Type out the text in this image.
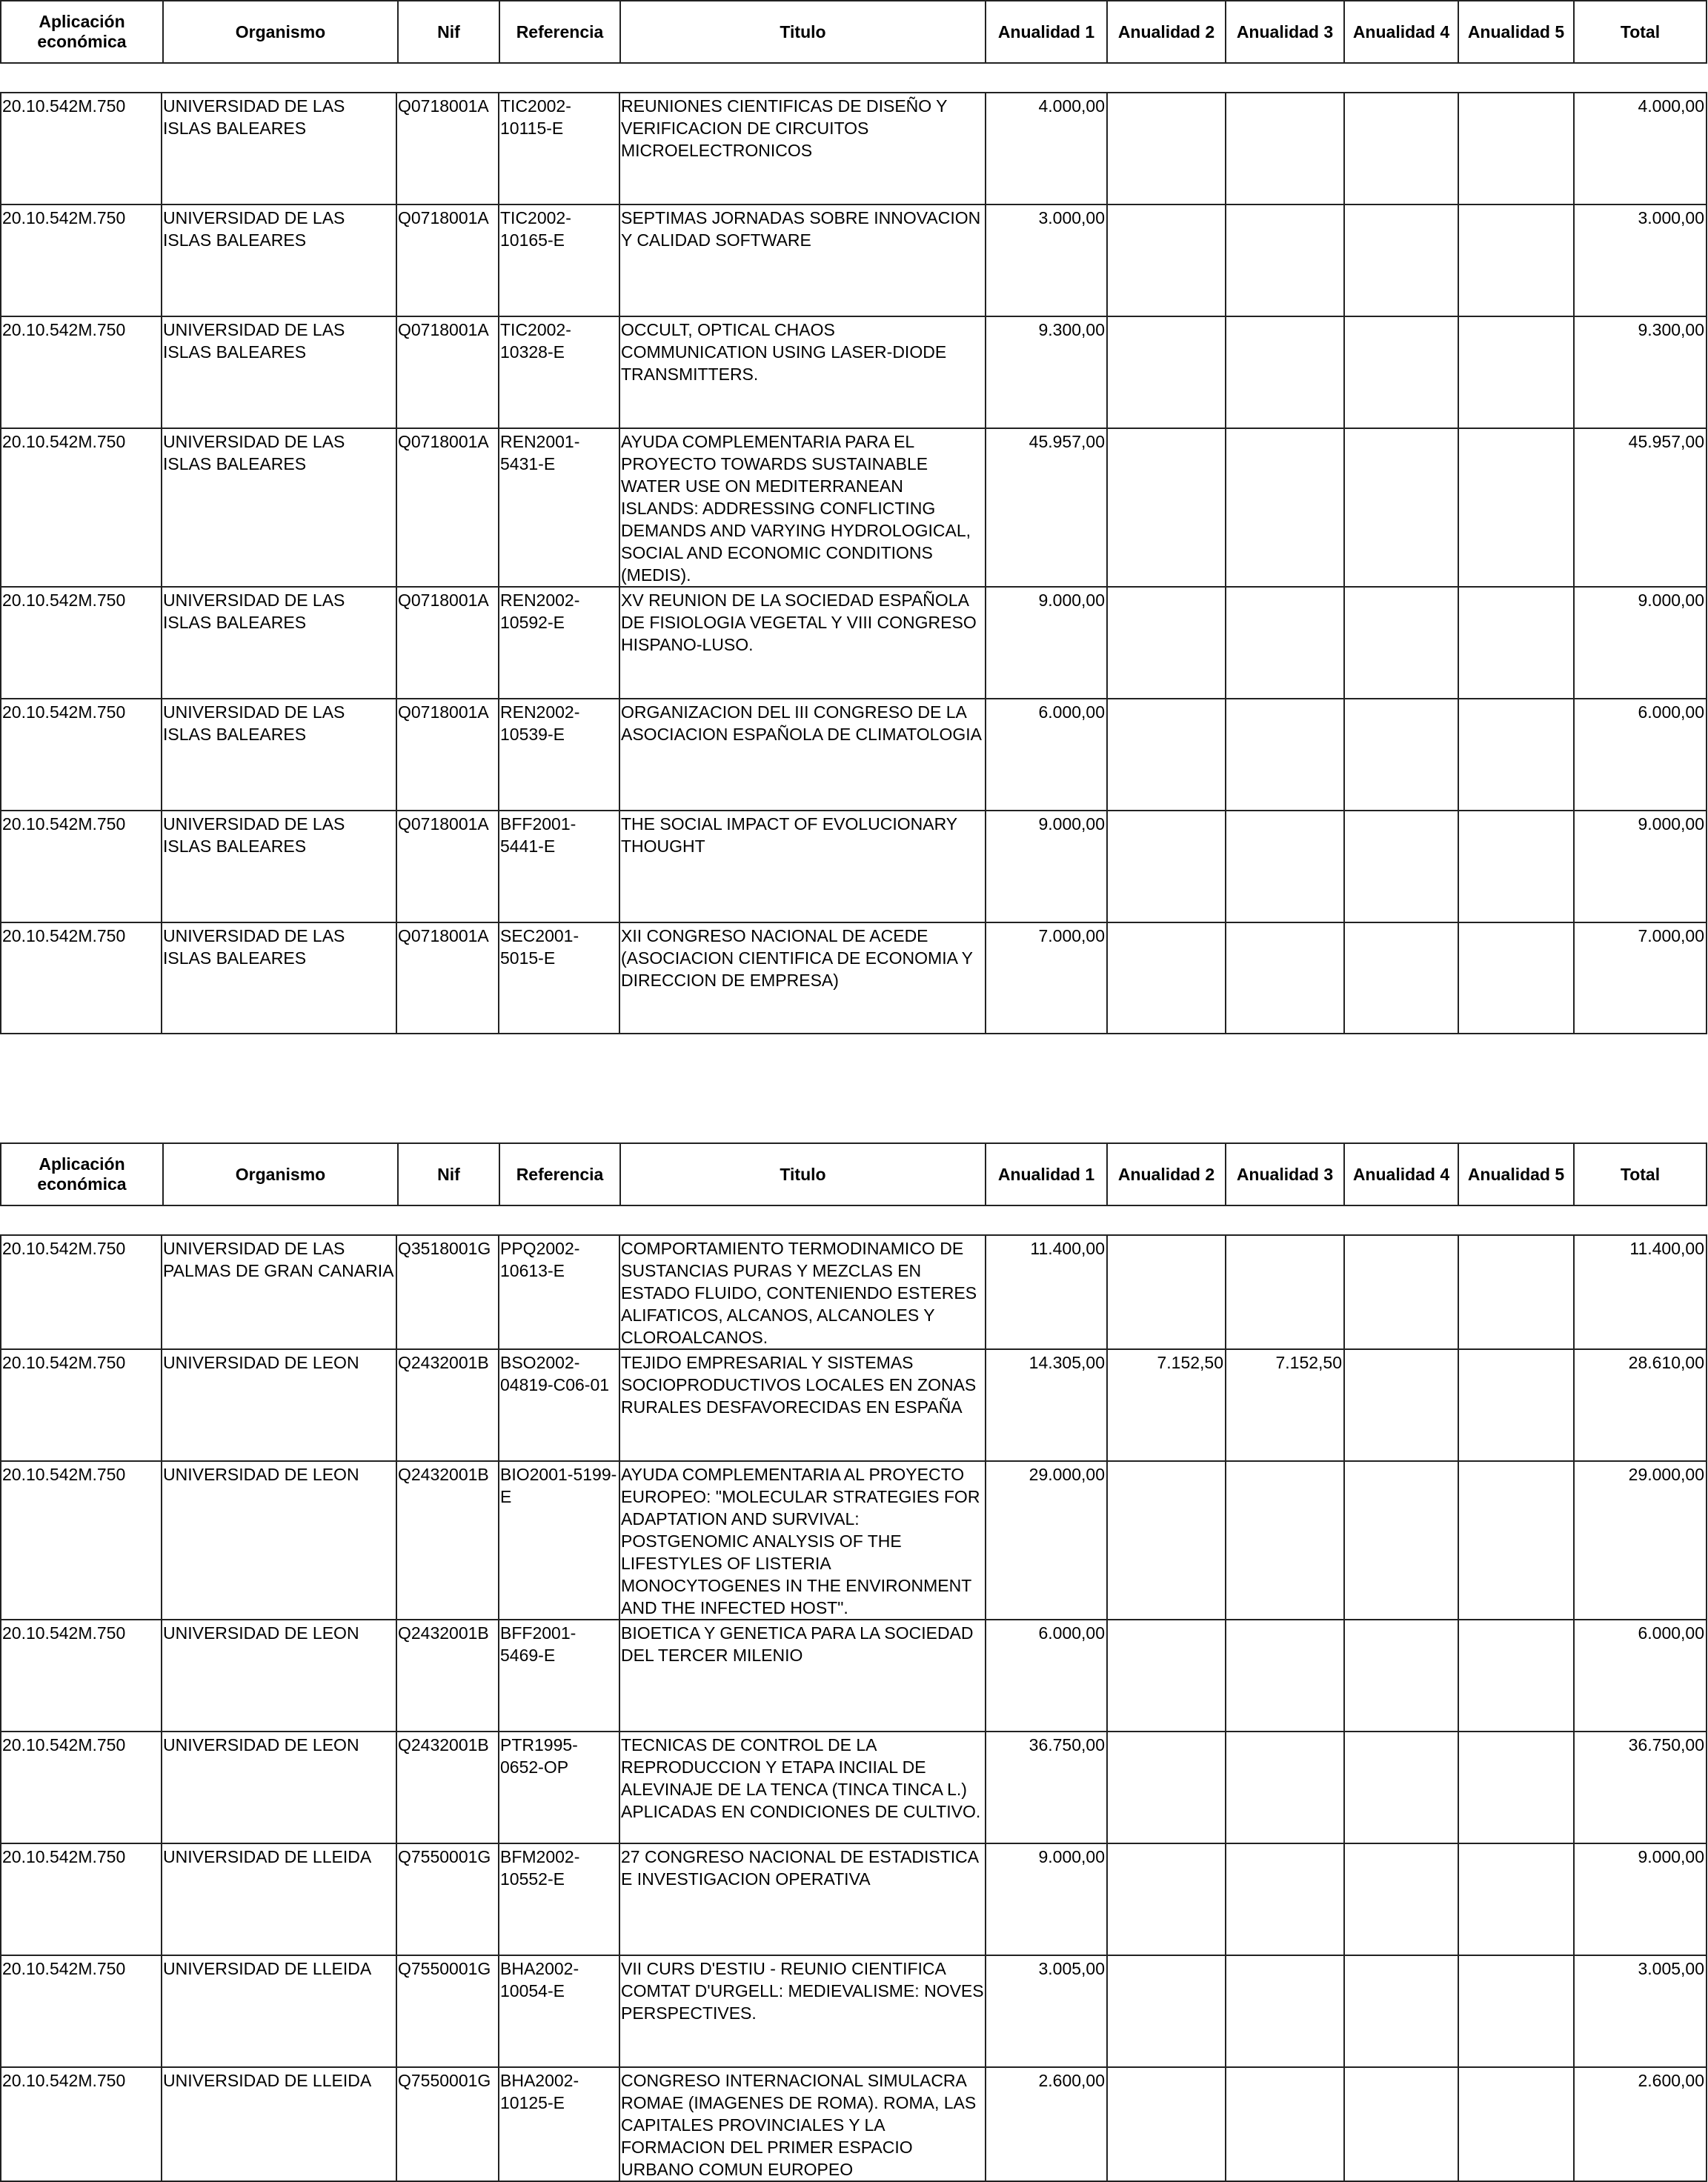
Aplicación económica	Organismo	Nif	Referencia	Titulo	Anualidad 1	Anualidad 2	Anualidad 3	Anualidad 4	Anualidad 5	Total
20.10.542M.750	UNIVERSIDAD DE LAS ISLAS BALEARES	Q0718001A	TIC2002-10115-E	REUNIONES CIENTIFICAS DE DISEÑO Y VERIFICACION DE CIRCUITOS MICROELECTRONICOS	4.000,00					4.000,00
20.10.542M.750	UNIVERSIDAD DE LAS ISLAS BALEARES	Q0718001A	TIC2002-10165-E	SEPTIMAS JORNADAS SOBRE INNOVACION Y CALIDAD SOFTWARE	3.000,00					3.000,00
20.10.542M.750	UNIVERSIDAD DE LAS ISLAS BALEARES	Q0718001A	TIC2002-10328-E	OCCULT, OPTICAL CHAOS COMMUNICATION USING LASER-DIODE TRANSMITTERS.	9.300,00					9.300,00
20.10.542M.750	UNIVERSIDAD DE LAS ISLAS BALEARES	Q0718001A	REN2001-5431-E	AYUDA COMPLEMENTARIA PARA EL PROYECTO TOWARDS SUSTAINABLE WATER USE ON MEDITERRANEAN ISLANDS: ADDRESSING CONFLICTING DEMANDS AND VARYING HYDROLOGICAL, SOCIAL AND ECONOMIC CONDITIONS (MEDIS).	45.957,00					45.957,00
20.10.542M.750	UNIVERSIDAD DE LAS ISLAS BALEARES	Q0718001A	REN2002-10592-E	XV REUNION DE LA SOCIEDAD ESPAÑOLA DE FISIOLOGIA VEGETAL Y VIII CONGRESO HISPANO-LUSO.	9.000,00					9.000,00
20.10.542M.750	UNIVERSIDAD DE LAS ISLAS BALEARES	Q0718001A	REN2002-10539-E	ORGANIZACION DEL III CONGRESO DE LA ASOCIACION ESPAÑOLA DE CLIMATOLOGIA	6.000,00					6.000,00
20.10.542M.750	UNIVERSIDAD DE LAS ISLAS BALEARES	Q0718001A	BFF2001-5441-E	THE SOCIAL IMPACT OF EVOLUCIONARY THOUGHT	9.000,00					9.000,00
20.10.542M.750	UNIVERSIDAD DE LAS ISLAS BALEARES	Q0718001A	SEC2001-5015-E	XII CONGRESO NACIONAL DE ACEDE (ASOCIACION CIENTIFICA DE ECONOMIA Y DIRECCION DE EMPRESA)	7.000,00					7.000,00
Aplicación económica	Organismo	Nif	Referencia	Titulo	Anualidad 1	Anualidad 2	Anualidad 3	Anualidad 4	Anualidad 5	Total
20.10.542M.750	UNIVERSIDAD DE LAS PALMAS DE GRAN CANARIA	Q3518001G	PPQ2002-10613-E	COMPORTAMIENTO TERMODINAMICO DE SUSTANCIAS PURAS Y MEZCLAS EN ESTADO FLUIDO, CONTENIENDO ESTERES ALIFATICOS, ALCANOS, ALCANOLES Y CLOROALCANOS.	11.400,00					11.400,00
20.10.542M.750	UNIVERSIDAD DE LEON	Q2432001B	BSO2002-04819-C06-01	TEJIDO EMPRESARIAL Y SISTEMAS SOCIOPRODUCTIVOS LOCALES EN ZONAS RURALES DESFAVORECIDAS EN ESPAÑA	14.305,00	7.152,50	7.152,50			28.610,00
20.10.542M.750	UNIVERSIDAD DE LEON	Q2432001B	BIO2001-5199-E	AYUDA COMPLEMENTARIA AL PROYECTO EUROPEO: "MOLECULAR STRATEGIES FOR ADAPTATION AND SURVIVAL: POSTGENOMIC ANALYSIS OF THE LIFESTYLES OF LISTERIA MONOCYTOGENES IN THE ENVIRONMENT AND THE INFECTED HOST".	29.000,00					29.000,00
20.10.542M.750	UNIVERSIDAD DE LEON	Q2432001B	BFF2001-5469-E	BIOETICA Y GENETICA PARA LA SOCIEDAD DEL TERCER MILENIO	6.000,00					6.000,00
20.10.542M.750	UNIVERSIDAD DE LEON	Q2432001B	PTR1995-0652-OP	TECNICAS DE CONTROL DE LA REPRODUCCION Y ETAPA INCIIAL DE ALEVINAJE DE LA TENCA (TINCA TINCA L.) APLICADAS EN CONDICIONES DE CULTIVO.	36.750,00					36.750,00
20.10.542M.750	UNIVERSIDAD DE LLEIDA	Q7550001G	BFM2002-10552-E	27 CONGRESO NACIONAL DE ESTADISTICA E INVESTIGACION OPERATIVA	9.000,00					9.000,00
20.10.542M.750	UNIVERSIDAD DE LLEIDA	Q7550001G	BHA2002-10054-E	VII CURS D'ESTIU - REUNIO CIENTIFICA COMTAT D'URGELL: MEDIEVALISME: NOVES PERSPECTIVES.	3.005,00					3.005,00
20.10.542M.750	UNIVERSIDAD DE LLEIDA	Q7550001G	BHA2002-10125-E	CONGRESO INTERNACIONAL SIMULACRA ROMAE (IMAGENES DE ROMA). ROMA, LAS CAPITALES PROVINCIALES Y LA FORMACION DEL PRIMER ESPACIO URBANO COMUN EUROPEO	2.600,00					2.600,00
